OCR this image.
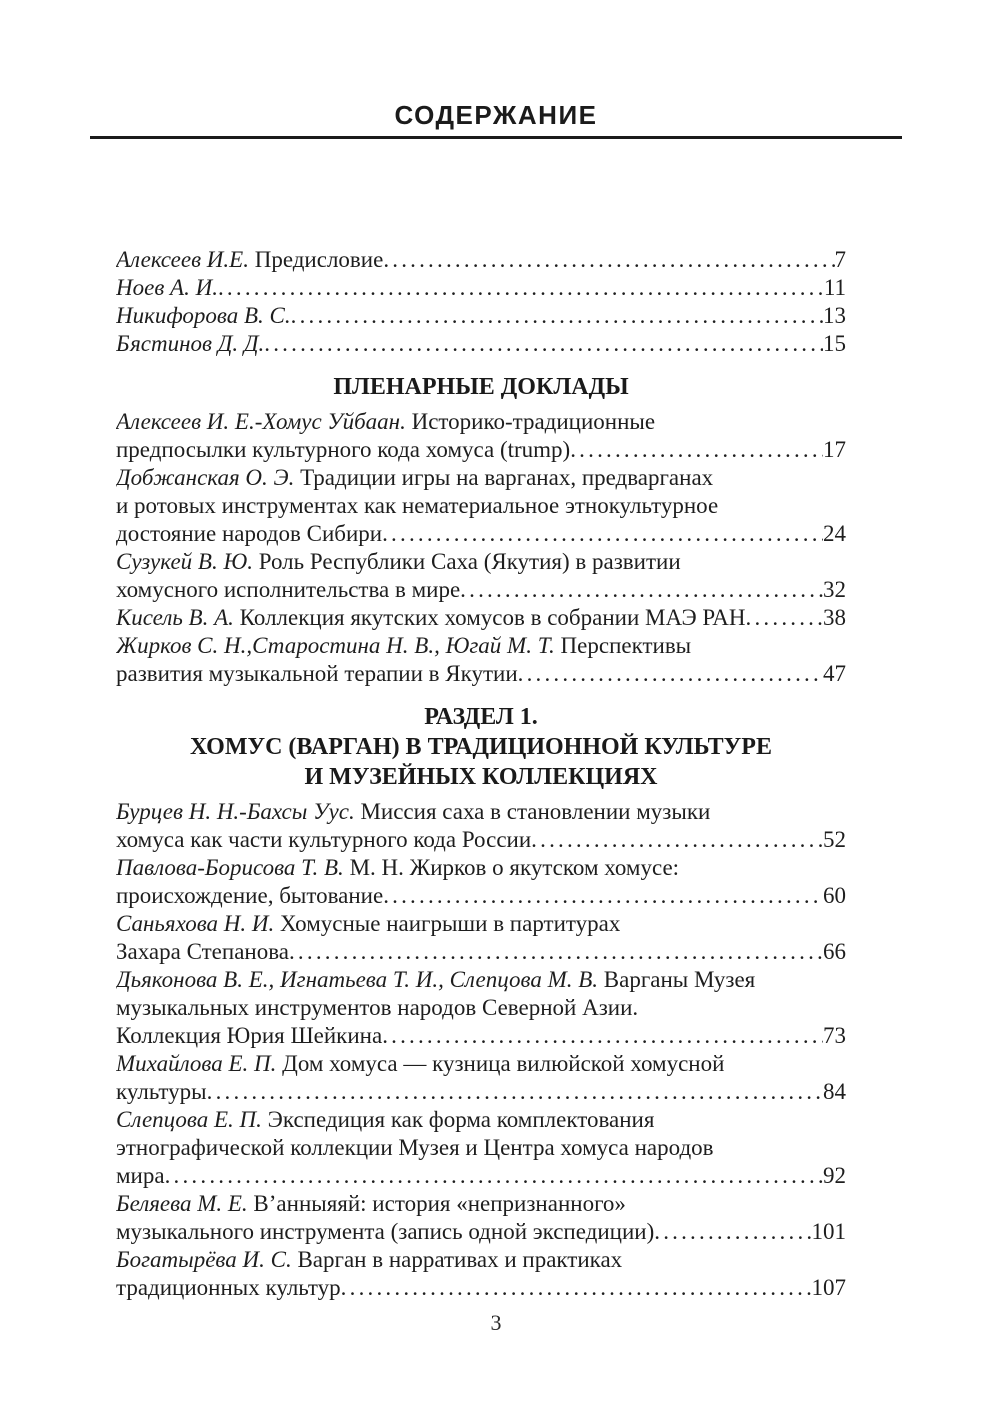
СОДЕРЖАНИЕ
Алексеев И.Е. Предисловие .....	7
Ноев А. И. .....	11
Никифорова В. С. .....	13
Бястинов Д. Д. .....	15
ПЛЕНАРНЫЕ ДОКЛАДЫ
Алексеев И. Е.-Хомус Уйбаан. Историко-традиционные
предпосылки культурного кода хомуса (trump) .....	17
Добжанская О. Э. Традиции игры на варганах, предварганах
и ротовых инструментах как нематериальное этнокультурное
достояние народов Сибири .....	24
Сузукей В. Ю. Роль Республики Саха (Якутия) в развитии
хомусного исполнительства в мире .....	32
Кисель В. А. Коллекция якутских хомусов в собрании МАЭ РАН .....	38
Жирков С. Н.,Старостина Н. В., Югай М. Т. Перспективы
развития музыкальной терапии в Якутии .....	47
РАЗДЕЛ 1.
ХОМУС (ВАРГАН) В ТРАДИЦИОННОЙ КУЛЬТУРЕ
И МУЗЕЙНЫХ КОЛЛЕКЦИЯХ
Бурцев Н. Н.-Бахсы Уус. Миссия саха в становлении музыки
хомуса как части культурного кода России .....	52
Павлова-Борисова Т. В. М. Н. Жирков о якутском хомусе:
происхождение, бытование .....	60
Саньяхова Н. И. Хомусные наигрыши в партитурах
Захара Степанова .....	66
Дьяконова В. Е., Игнатьева Т. И., Слепцова М. В. Варганы Музея
музыкальных инструментов народов Северной Азии.
Коллекция Юрия Шейкина .....	73
Михайлова Е. П. Дом хомуса — кузница вилюйской хомусной
культуры .....	84
Слепцова Е. П. Экспедиция как форма комплектования
этнографической коллекции Музея и Центра хомуса народов
мира .....	92
Беляева М. Е. В’анныяяй: история «непризнанного»
музыкального инструмента (запись одной экспедиции) .....	101
Богатырёва И. С. Варган в нарративах и практиках
традиционных культур .....	107
3
